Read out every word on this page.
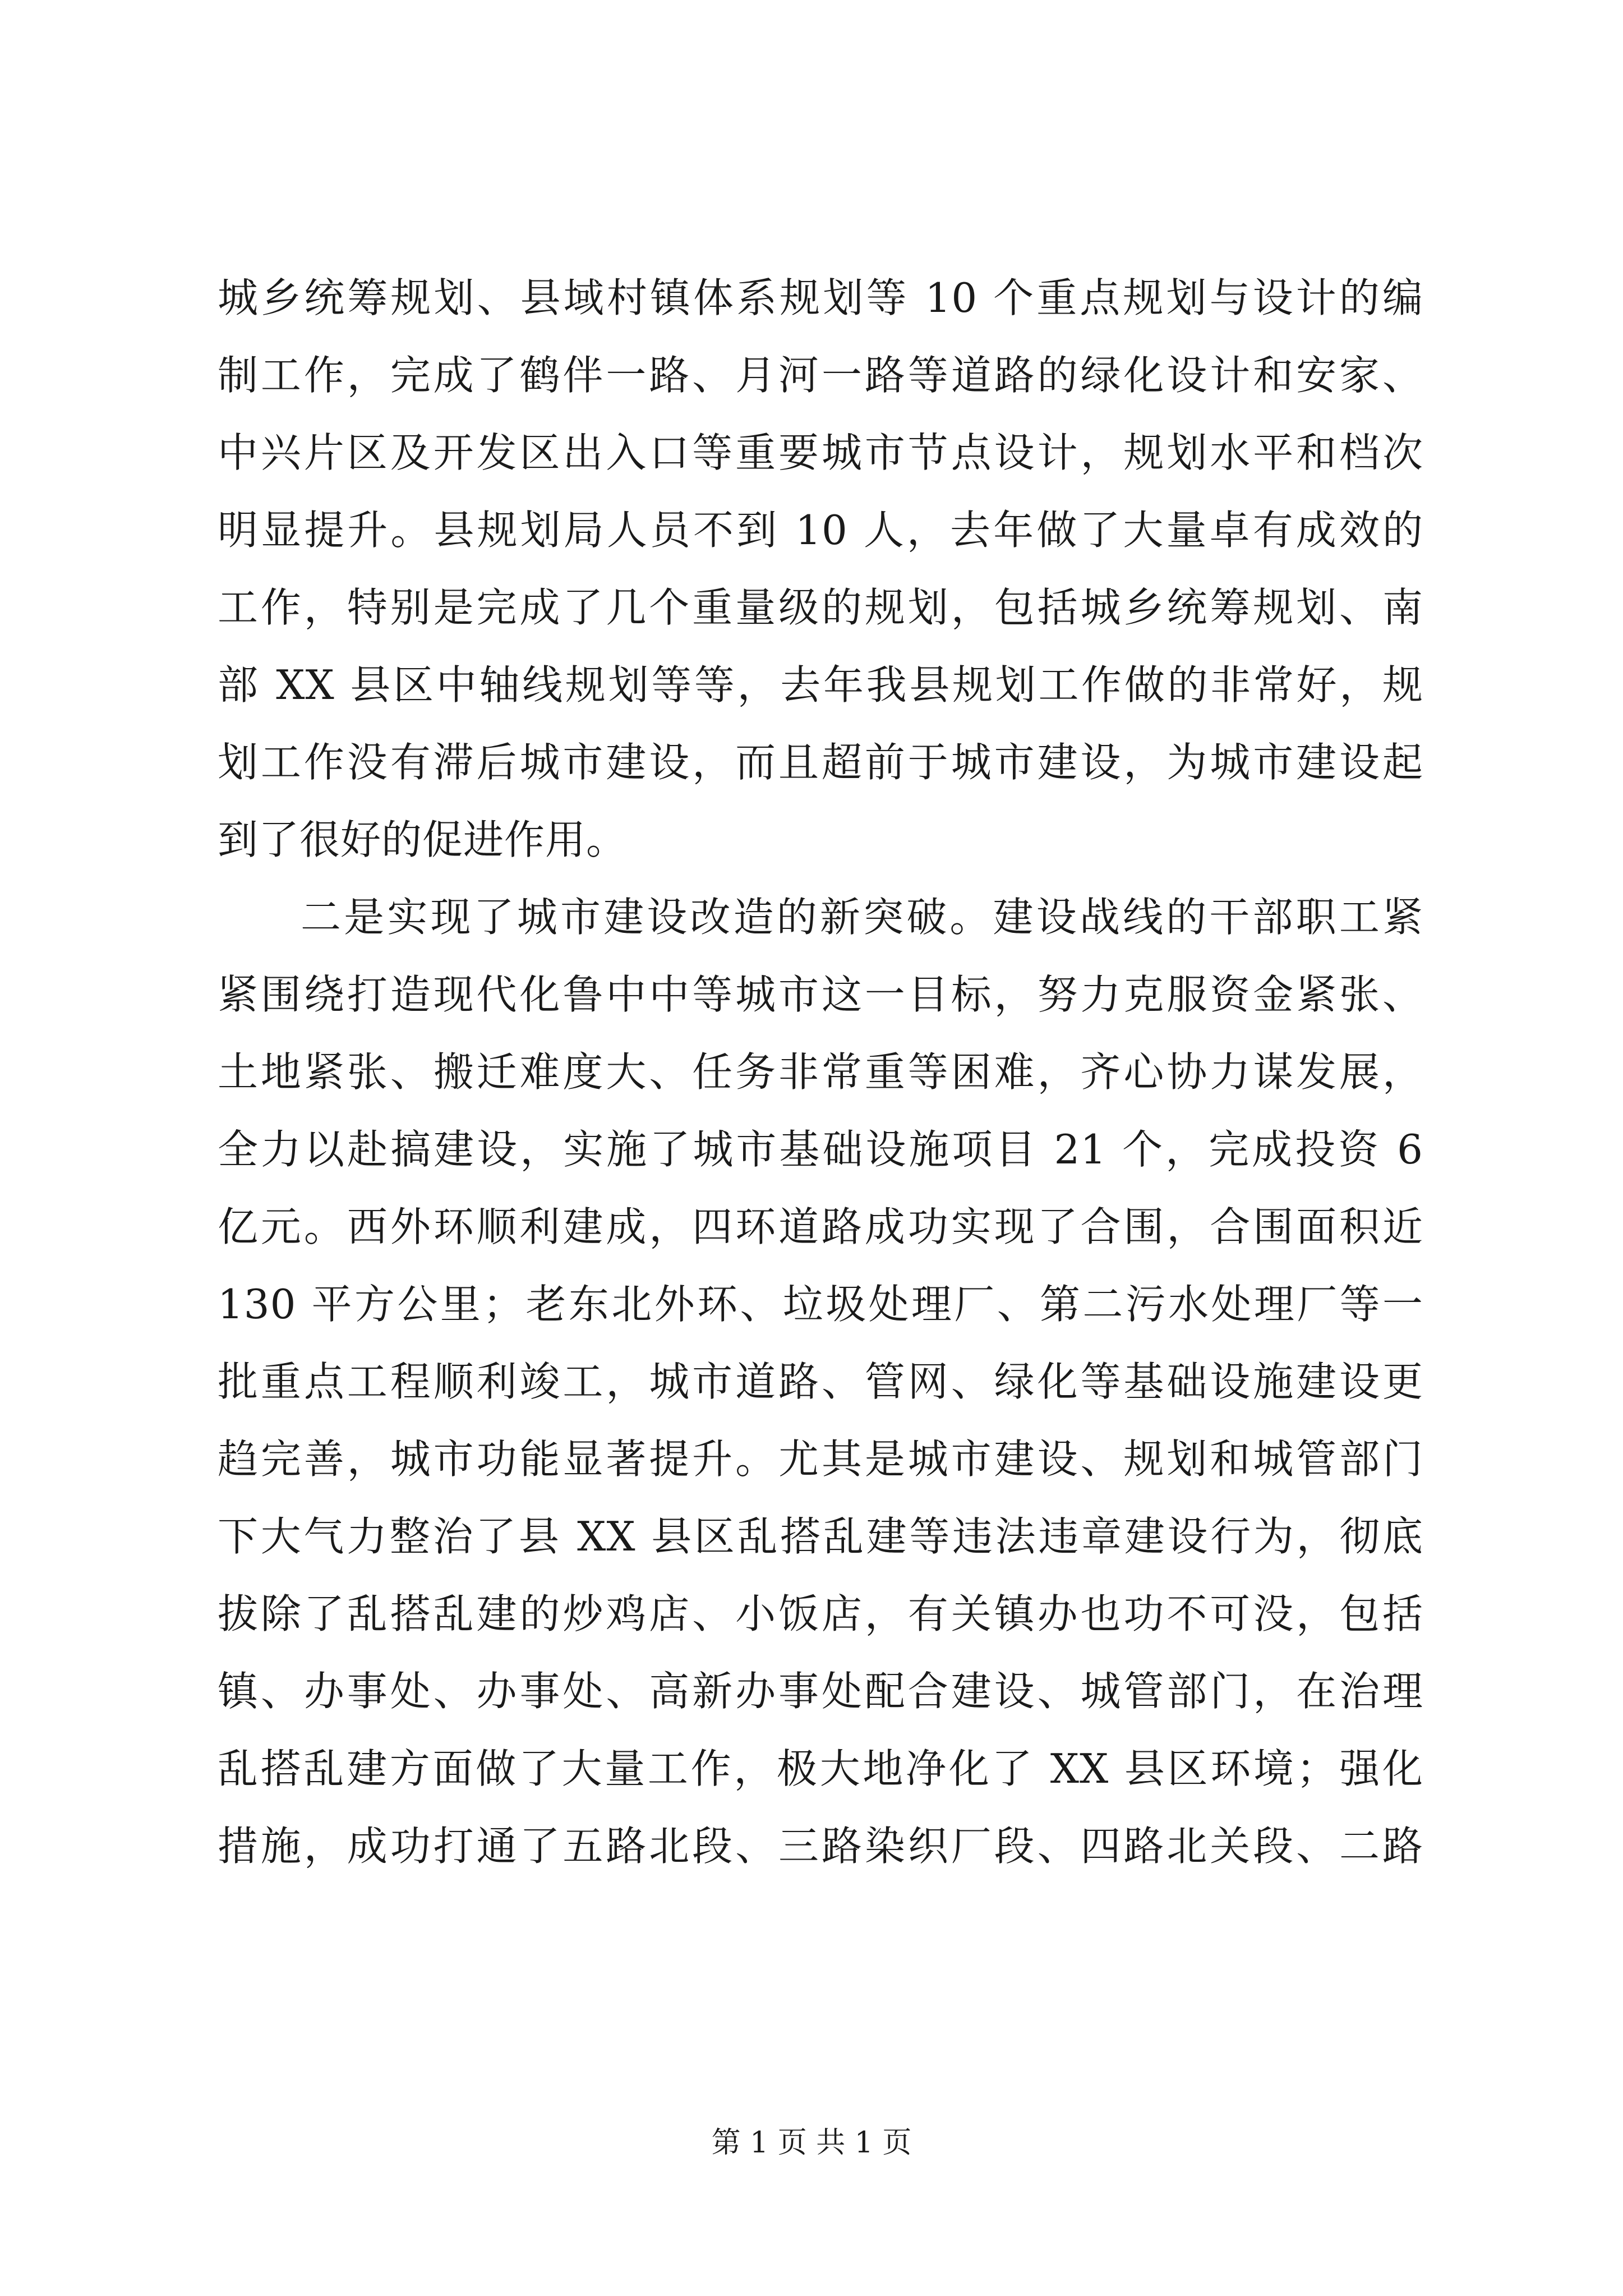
城乡统筹规划、县域村镇体系规划等 10 个重点规划与设计的编
制工作，完成了鹤伴一路、月河一路等道路的绿化设计和安家、
中兴片区及开发区出入口等重要城市节点设计，规划水平和档次
明显提升。县规划局人员不到 10 人，去年做了大量卓有成效的
工作，特别是完成了几个重量级的规划，包括城乡统筹规划、南
部 XX 县区中轴线规划等等，去年我县规划工作做的非常好，规
划工作没有滞后城市建设，而且超前于城市建设，为城市建设起
到了很好的促进作用。
二是实现了城市建设改造的新突破。建设战线的干部职工紧
紧围绕打造现代化鲁中中等城市这一目标，努力克服资金紧张、
土地紧张、搬迁难度大、任务非常重等困难，齐心协力谋发展，
全力以赴搞建设，实施了城市基础设施项目 21 个，完成投资 6
亿元。西外环顺利建成，四环道路成功实现了合围，合围面积近
130 平方公里；老东北外环、垃圾处理厂、第二污水处理厂等一
批重点工程顺利竣工，城市道路、管网、绿化等基础设施建设更
趋完善，城市功能显著提升。尤其是城市建设、规划和城管部门
下大气力整治了县 XX 县区乱搭乱建等违法违章建设行为，彻底
拔除了乱搭乱建的炒鸡店、小饭店，有关镇办也功不可没，包括
镇、办事处、办事处、高新办事处配合建设、城管部门，在治理
乱搭乱建方面做了大量工作，极大地净化了 XX 县区环境；强化
措施，成功打通了五路北段、三路染织厂段、四路北关段、二路
第 1 页 共 1 页
